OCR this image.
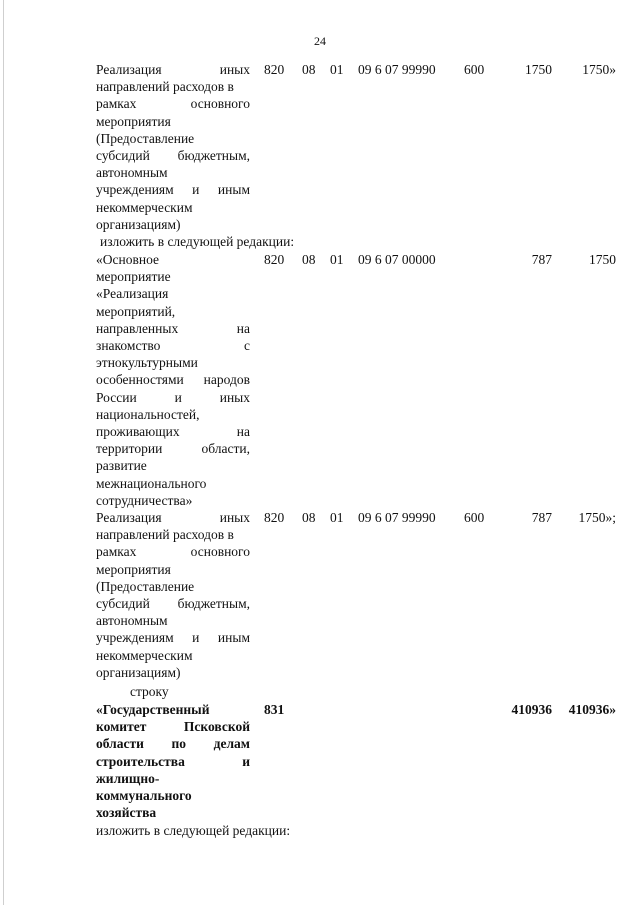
24
Реализация иных
направлений расходов в
рамках основного
мероприятия
(Предоставление
субсидий бюджетным,
автономным
учреждениям и иным
некоммерческим
организациям)
820 08 01 09 6 07 99990 600	1750 1750»
изложить в следующей редакции:
«Основное
мероприятие
«Реализация
мероприятий,
направленных на
знакомство с
этнокультурными
особенностями народов
России и иных
национальностей,
проживающих на
территории области,
развитие
межнационального
сотрудничества»
820 08 01 09 6 07 00000	787	1750
Реализация иных
направлений расходов в
рамках основного
мероприятия
(Предоставление
субсидий бюджетным,
автономным
учреждениям и иным
некоммерческим
организациям)
820 08 01 09 6 07 99990 600	787 1750»;
строку
«Государственный
комитет Псковской
области по делам
строительства и
жилищно-
коммунального
хозяйства
831	410936 410936»
изложить в следующей редакции:
